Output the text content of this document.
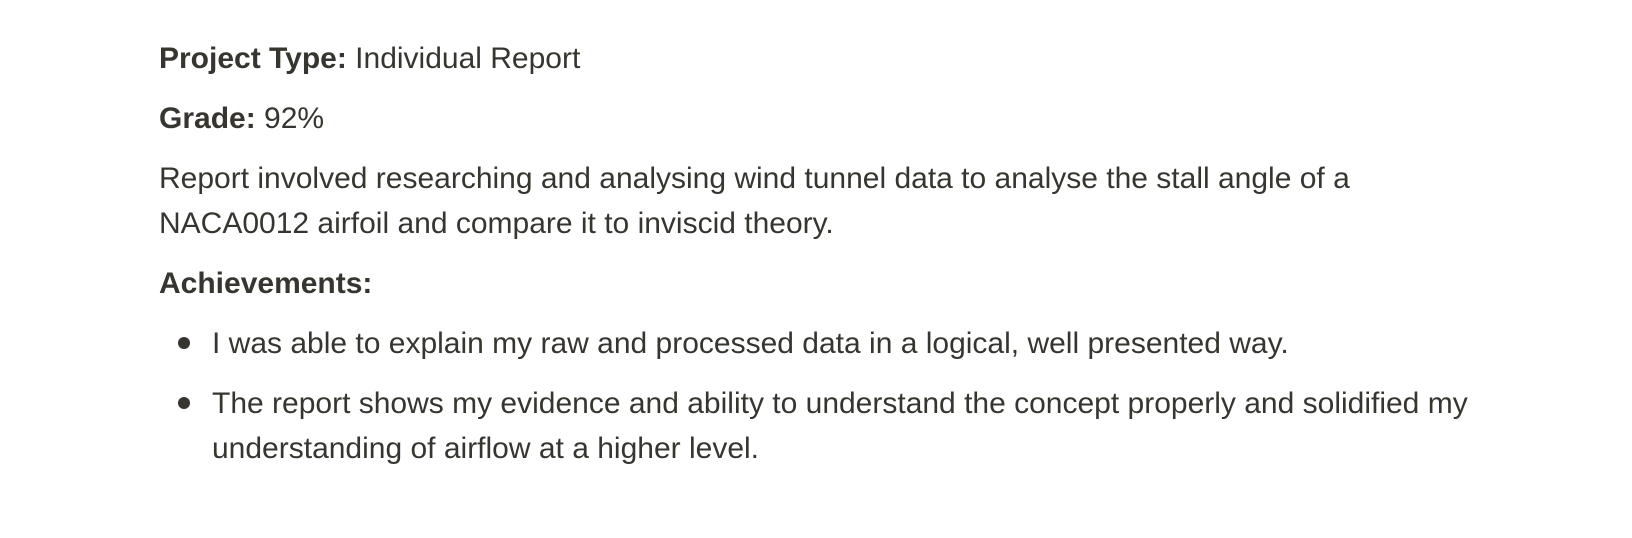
Project Type: Individual Report

Grade: 92%

Report involved researching and analysing wind tunnel data to analyse the stall angle of a NACA0012 airfoil and compare it to inviscid theory.

Achievements:

I was able to explain my raw and processed data in a logical, well presented way.
The report shows my evidence and ability to understand the concept properly and solidified my understanding of airflow at a higher level.
